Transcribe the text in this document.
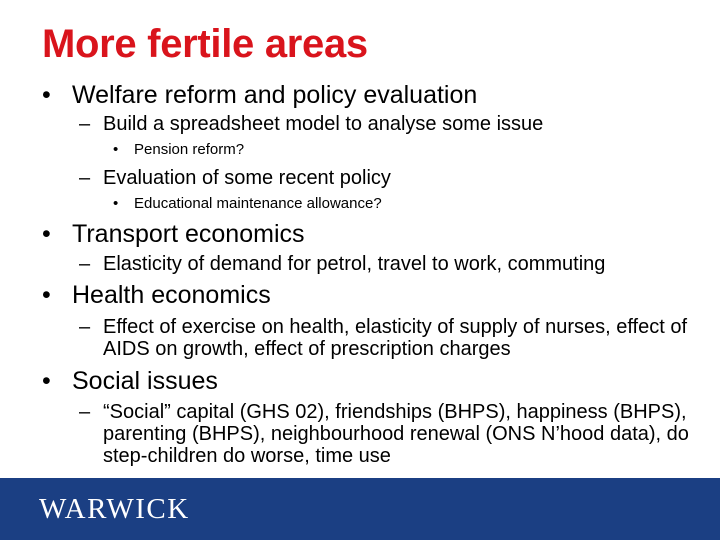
More fertile areas
• Welfare reform and policy evaluation
– Build a spreadsheet model to analyse some issue
• Pension reform?
– Evaluation of some recent policy
• Educational maintenance allowance?
• Transport economics
– Elasticity of demand for petrol, travel to work, commuting
• Health economics
– Effect of exercise on health, elasticity of supply of nurses, effect of AIDS on growth, effect of prescription charges
• Social issues
– “Social” capital (GHS 02), friendships (BHPS), happiness (BHPS), parenting (BHPS), neighbourhood renewal (ONS N’hood data), do step-children do worse, time use
WARWICK
